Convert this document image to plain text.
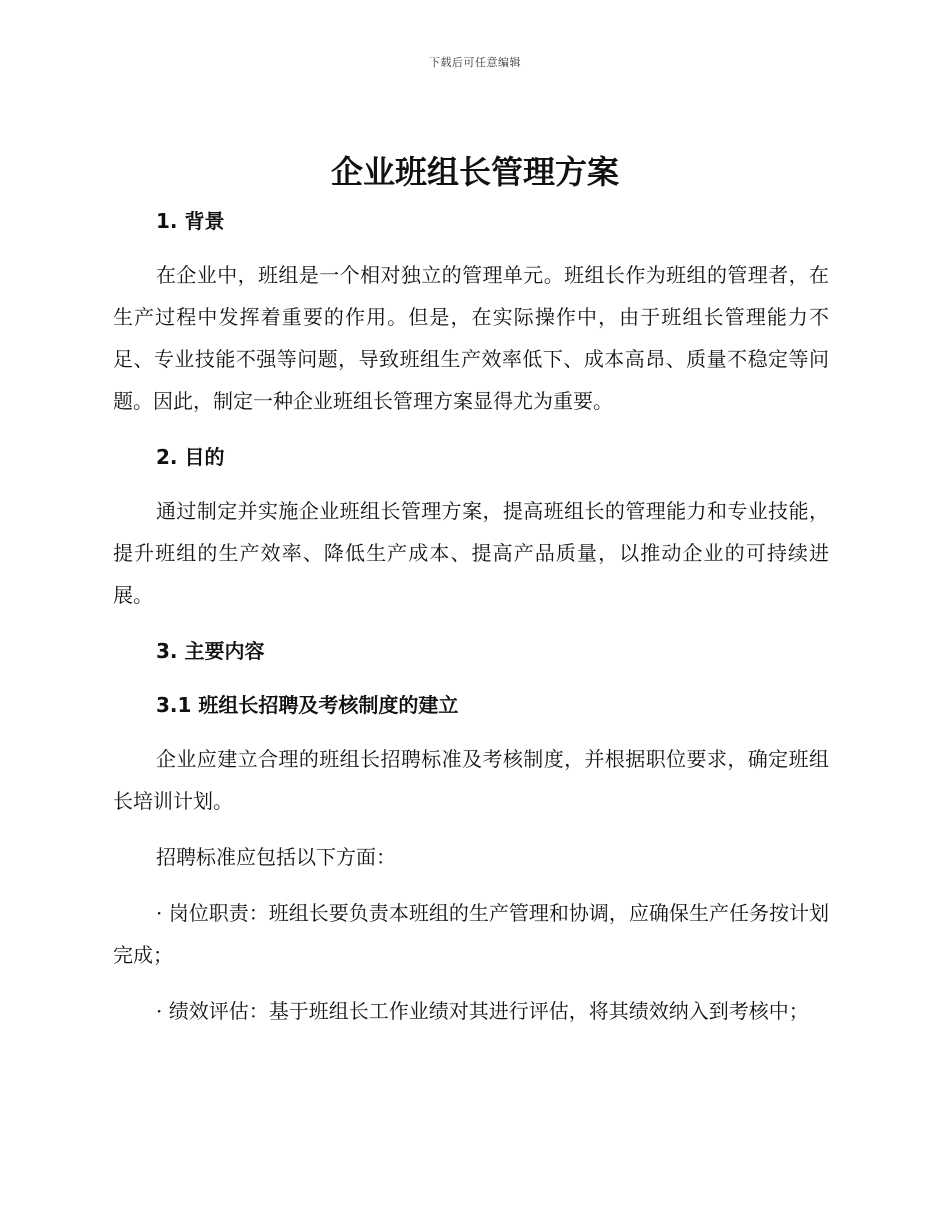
下载后可任意编辑
企业班组长管理方案
1. 背景

在企业中，班组是一个相对独立的管理单元。班组长作为班组的管理者，在生产过程中发挥着重要的作用。但是，在实际操作中，由于班组长管理能力不足、专业技能不强等问题，导致班组生产效率低下、成本高昂、质量不稳定等问题。因此，制定一种企业班组长管理方案显得尤为重要。

2. 目的

通过制定并实施企业班组长管理方案，提高班组长的管理能力和专业技能，提升班组的生产效率、降低生产成本、提高产品质量，以推动企业的可持续进展。

3. 主要内容
3.1 班组长招聘及考核制度的建立

企业应建立合理的班组长招聘标准及考核制度，并根据职位要求，确定班组长培训计划。

招聘标准应包括以下方面：

· 岗位职责：班组长要负责本班组的生产管理和协调，应确保生产任务按计划完成；

· 绩效评估：基于班组长工作业绩对其进行评估，将其绩效纳入到考核中；
